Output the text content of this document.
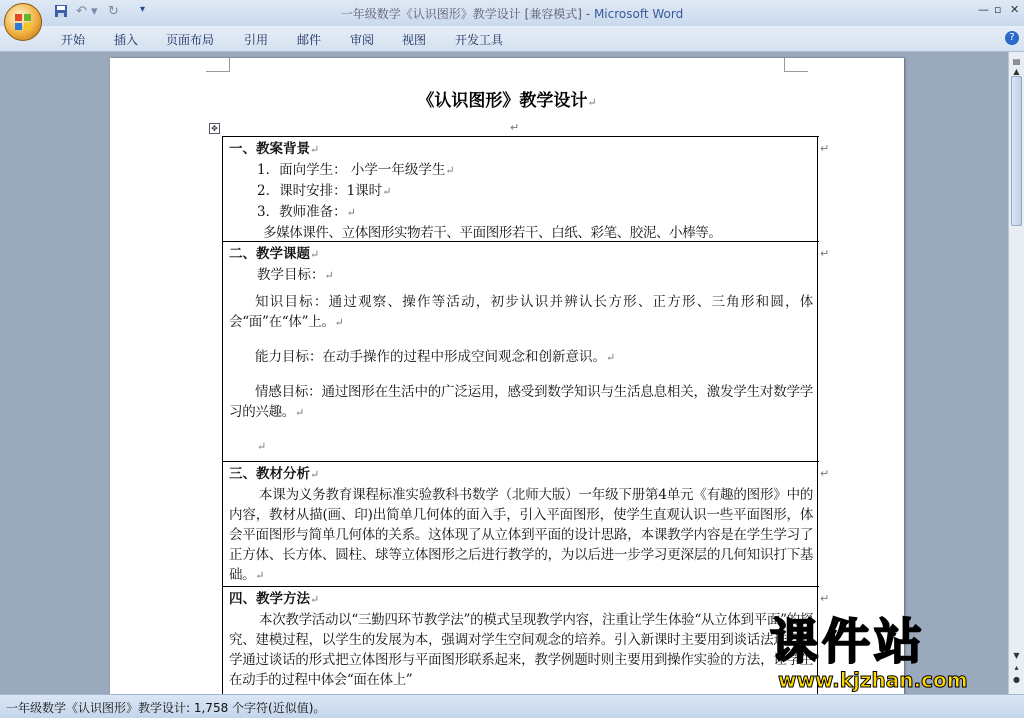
↶ ▾ ↻ ▾	一年级数学《认识图形》教学设计 [兼容模式] - Microsoft Word	— ▫ ✕
开始 插入 页面布局 引用 邮件 审阅 视图 开发工具	?
《认识图形》教学设计↵
↵
✥
一、教案背景↵
1．面向学生： 小学一年级学生↵
2．课时安排：1课时↵
3．教师准备：↵
多媒体课件、立体图形实物若干、平面图形若干、白纸、彩笔、胶泥、小棒等。
二、教学课题↵
教学目标：↵
知识目标：通过观察、操作等活动，初步认识并辨认长方形、正方形、三角形和圆，体会“面”在“体”上。↵
能力目标：在动手操作的过程中形成空间观念和创新意识。↵
情感目标：通过图形在生活中的广泛运用，感受到数学知识与生活息息相关，激发学生对数学学习的兴趣。↵
↵
三、教材分析↵
本课为义务教育课程标准实验教科书数学（北师大版）一年级下册第4单元《有趣的图形》中的内容，教材从描(画、印)出简单几何体的面入手，引入平面图形，使学生直观认识一些平面图形，体会平面图形与简单几何体的关系。这体现了从立体到平面的设计思路，本课教学内容是在学生学习了正方体、长方体、圆柱、球等立体图形之后进行教学的，为以后进一步学习更深层的几何知识打下基础。↵
四、教学方法↵
本次教学活动以“三勤四环节教学法”的模式呈现教学内容，注重让学生体验“从立体到平面”的探究、建模过程，以学生的发展为本，强调对学生空间观念的培养。引入新课时主要用到谈话法进行教学通过谈话的形式把立体图形与平面图形联系起来，教学例题时则主要用到操作实验的方法，让学生在动手的过程中体会“面在体上”
↵
↵
↵
↵
▤
▲
▼
▴
●
一年级数学《认识图形》教学设计: 1,758 个字符(近似值)。
课件站
www.kjzhan.com
